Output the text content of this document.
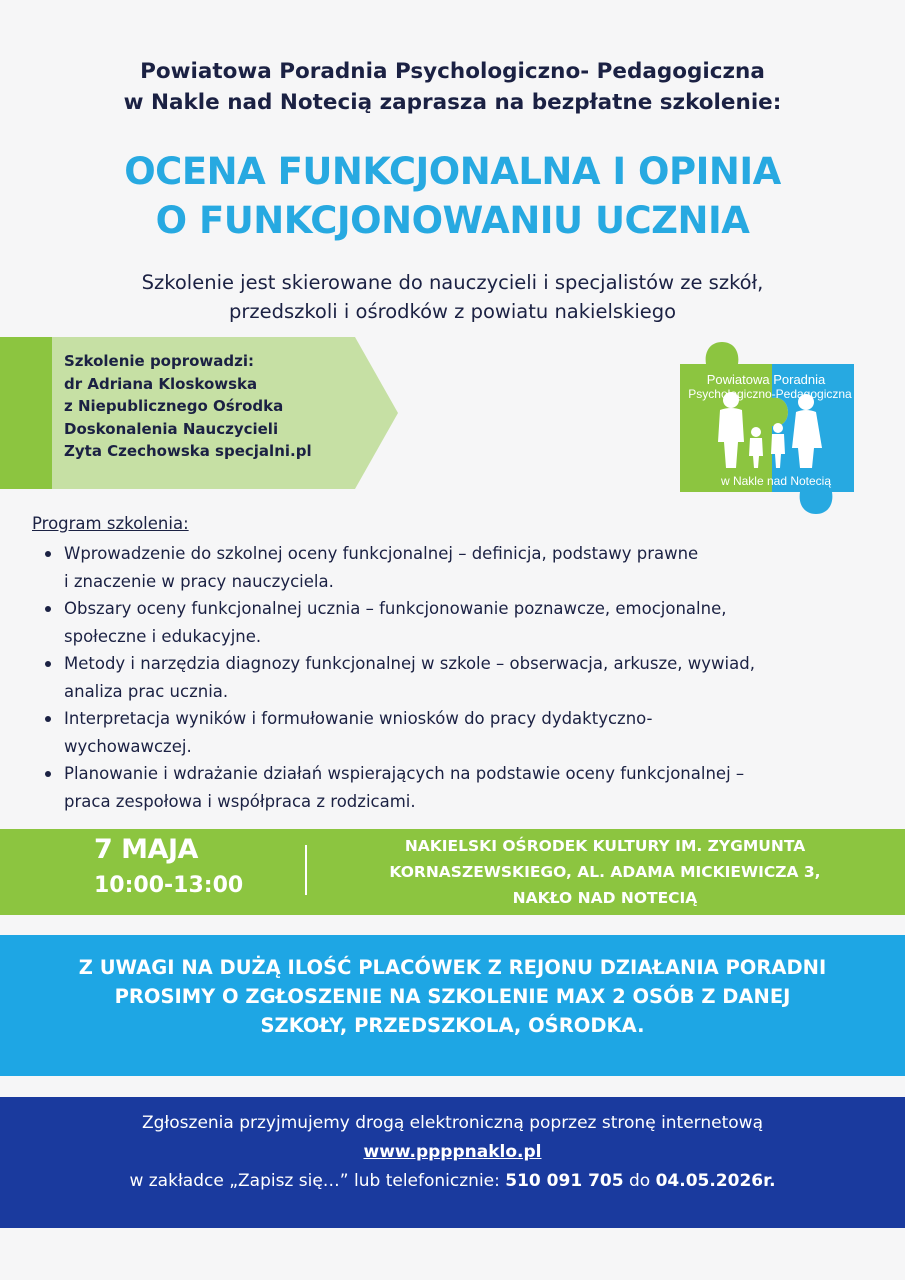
Powiatowa Poradnia Psychologiczno- Pedagogiczna
w Nakle nad Notecią zaprasza na bezpłatne szkolenie:
OCENA FUNKCJONALNA I OPINIA
O FUNKCJONOWANIU UCZNIA
Szkolenie jest skierowane do nauczycieli i specjalistów ze szkół,
przedszkoli i ośrodków z powiatu nakielskiego
Szkolenie poprowadzi:
dr Adriana Kloskowska
z Niepublicznego Ośrodka
Doskonalenia Nauczycieli
Zyta Czechowska specjalni.pl
Powiatowa Poradnia
Psychologiczno-Pedagogiczna
w Nakle nad Notecią
Program szkolenia:
Wprowadzenie do szkolnej oceny funkcjonalnej – definicja, podstawy prawne
i znaczenie w pracy nauczyciela.
Obszary oceny funkcjonalnej ucznia – funkcjonowanie poznawcze, emocjonalne,
społeczne i edukacyjne.
Metody i narzędzia diagnozy funkcjonalnej w szkole – obserwacja, arkusze, wywiad,
analiza prac ucznia.
Interpretacja wyników i formułowanie wniosków do pracy dydaktyczno-
wychowawczej.
Planowanie i wdrażanie działań wspierających na podstawie oceny funkcjonalnej –
praca zespołowa i współpraca z rodzicami.
7 MAJA
10:00-13:00
NAKIELSKI OŚRODEK KULTURY IM. ZYGMUNTA
KORNASZEWSKIEGO, AL. ADAMA MICKIEWICZA 3,
NAKŁO NAD NOTECIĄ
Z UWAGI NA DUŻĄ ILOŚĆ PLACÓWEK Z REJONU DZIAŁANIA PORADNI
PROSIMY O ZGŁOSZENIE NA SZKOLENIE MAX 2 OSÓB Z DANEJ
SZKOŁY, PRZEDSZKOLA, OŚRODKA.
Zgłoszenia przyjmujemy drogą elektroniczną poprzez stronę internetową
www.ppppnaklo.pl
w zakładce „Zapisz się…” lub telefonicznie: 510 091 705 do 04.05.2026r.
